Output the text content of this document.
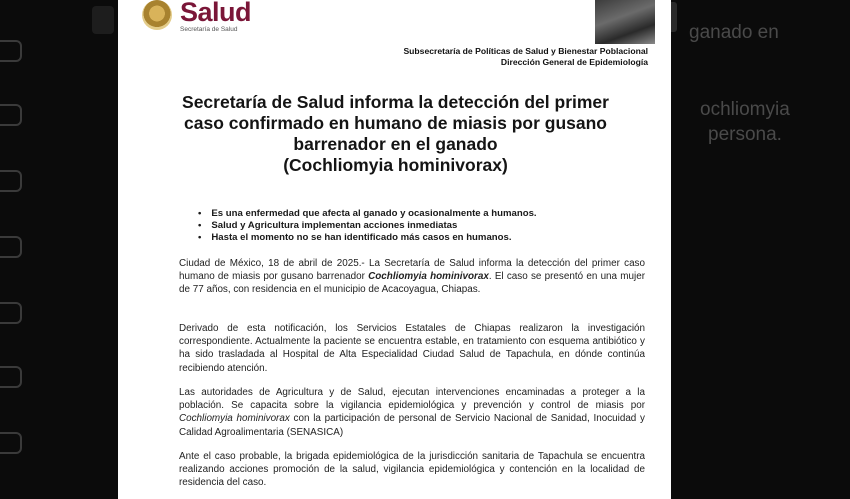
ganado en
ochliomyia
persona.
Salud
Secretaría de Salud
Subsecretaría de Políticas de Salud y Bienestar Poblacional
Dirección General de Epidemiología
Secretaría de Salud informa la detección del primer
caso confirmado en humano de miasis por gusano
barrenador en el ganado
(Cochliomyia hominivorax)
• Es una enfermedad que afecta al ganado y ocasionalmente a humanos.
• Salud y Agricultura implementan acciones inmediatas
• Hasta el momento no se han identificado más casos en humanos.

Ciudad de México, 18 de abril de 2025.- La Secretaría de Salud informa la detección del primer caso humano de miasis por gusano barrenador Cochliomyia hominivorax. El caso se presentó en una mujer de 77 años, con residencia en el municipio de Acacoyagua, Chiapas.

Derivado de esta notificación, los Servicios Estatales de Chiapas realizaron la investigación correspondiente. Actualmente la paciente se encuentra estable, en tratamiento con esquema antibiótico y ha sido trasladada al Hospital de Alta Especialidad Ciudad Salud de Tapachula, en dónde continúa recibiendo atención.

Las autoridades de Agricultura y de Salud, ejecutan intervenciones encaminadas a proteger a la población. Se capacita sobre la vigilancia epidemiológica y prevención y control de miasis por Cochliomyia hominivorax con la participación de personal de Servicio Nacional de Sanidad, Inocuidad y Calidad Agroalimentaria (SENASICA)

Ante el caso probable, la brigada epidemiológica de la jurisdicción sanitaria de Tapachula se encuentra realizando acciones promoción de la salud, vigilancia epidemiológica y contención en la localidad de residencia del caso.
